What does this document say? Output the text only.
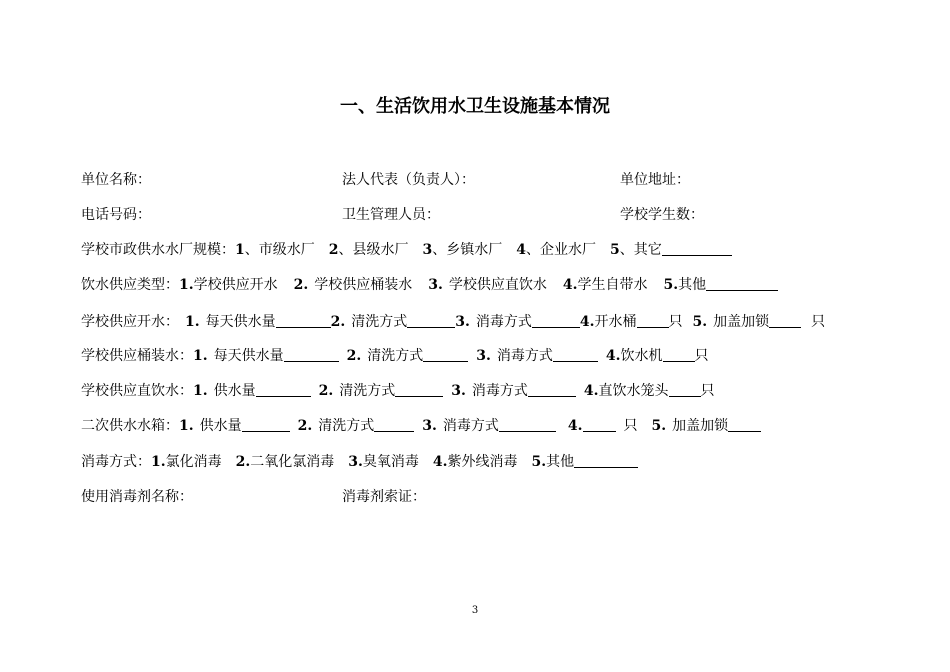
一、生活饮用水卫生设施基本情况
单位名称：	法人代表（负责人）：	单位地址：
电话号码：	卫生管理人员：	学校学生数：
学校市政供水水厂规模：1、市级水厂 2、县级水厂 3、乡镇水厂 4、企业水厂 5、其它
饮水供应类型：1.学校供应开水 2. 学校供应桶装水 3. 学校供应直饮水 4.学生自带水 5.其他
学校供应开水： 1. 每天供水量	2. 清洗方式	3. 消毒方式	4.开水桶 只 5. 加盖加锁	只
学校供应桶装水：1. 每天供水量	2. 清洗方式	3. 消毒方式	4.饮水机 只
学校供应直饮水：1. 供水量	2. 清洗方式	3. 消毒方式	4.直饮水笼头 只
二次供水水箱：1. 供水量	2. 清洗方式	3. 消毒方式	4.	只 5. 加盖加锁
消毒方式：1.氯化消毒 2.二氧化氯消毒 3.臭氧消毒 4.紫外线消毒 5.其他
使用消毒剂名称：	消毒剂索证：
3
